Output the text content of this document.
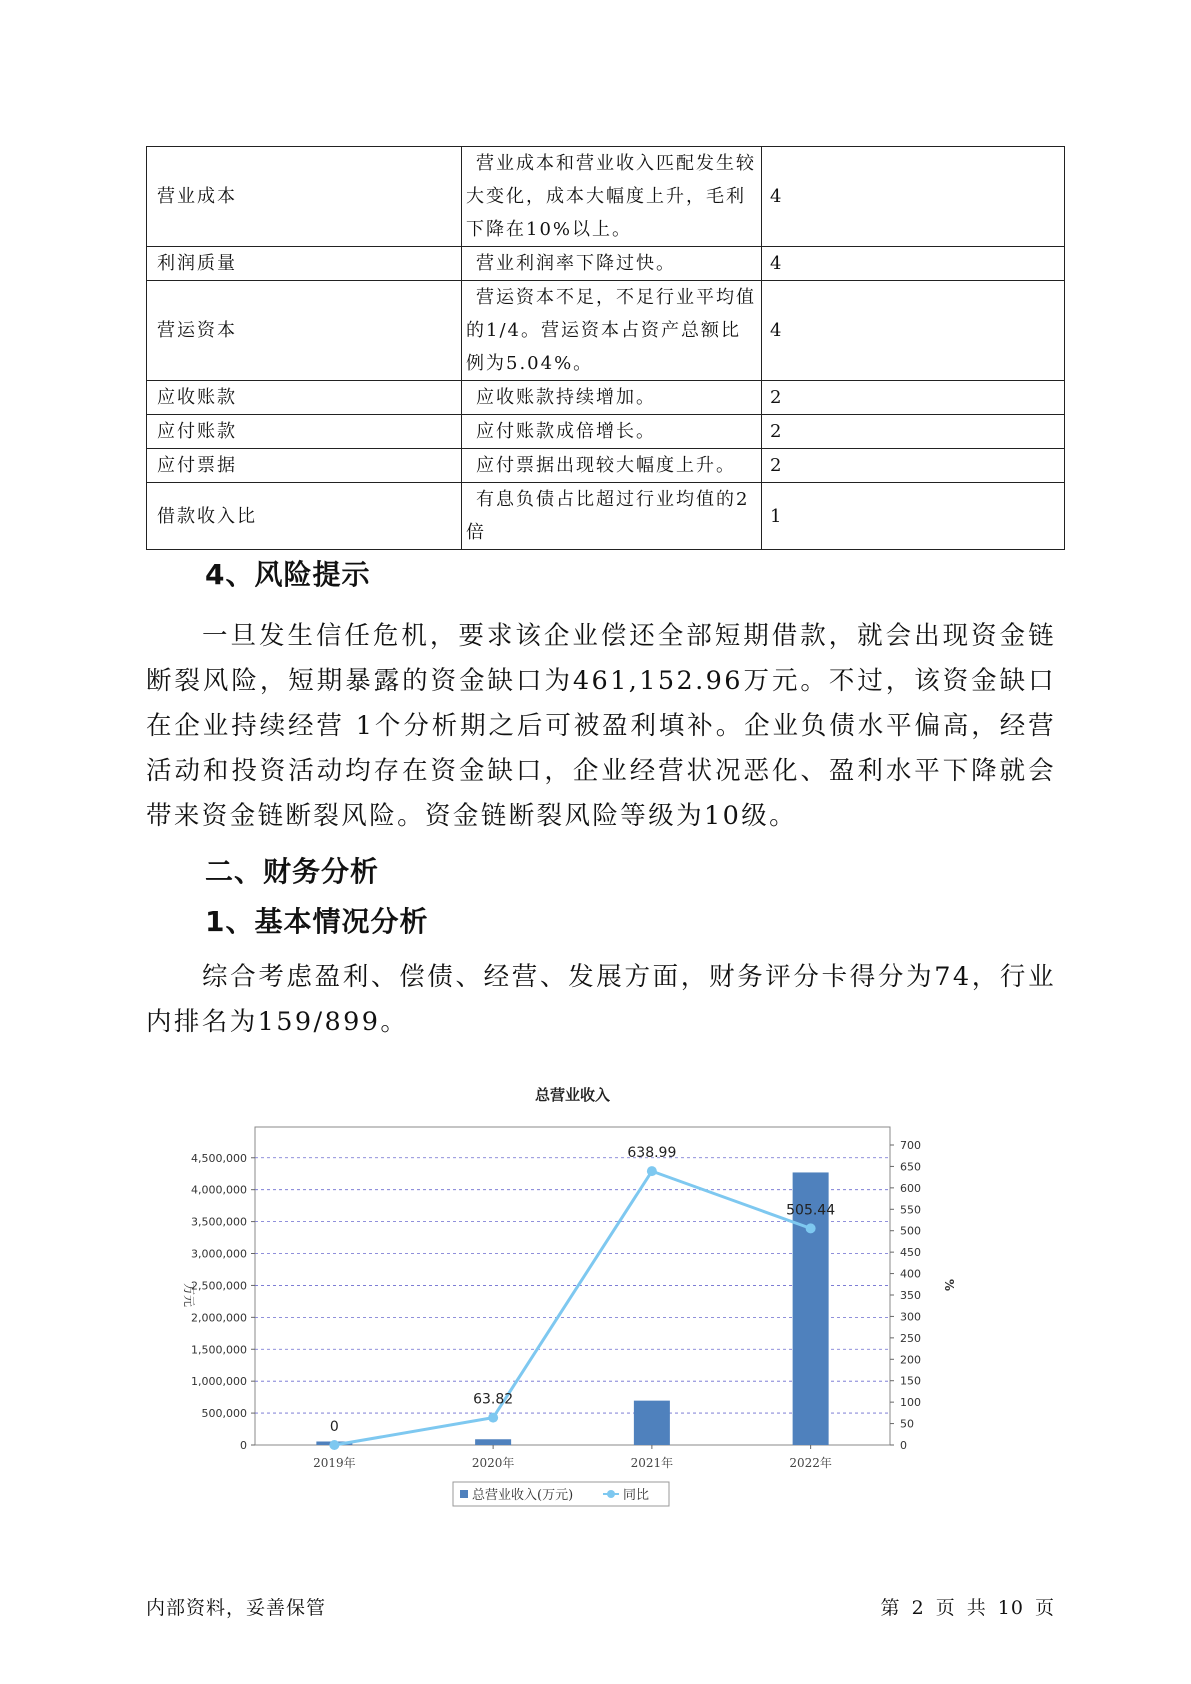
营业成本	营业成本和营业收入匹配发生较大变化，成本大幅度上升，毛利下降在10%以上。	4
利润质量	营业利润率下降过快。	4
营运资本	营运资本不足，不足行业平均值的1/4。营运资本占资产总额比例为5.04%。	4
应收账款	应收账款持续增加。	2
应付账款	应付账款成倍增长。	2
应付票据	应付票据出现较大幅度上升。	2
借款收入比	有息负债占比超过行业均值的2倍	1
4、风险提示
一旦发生信任危机，要求该企业偿还全部短期借款，就会出现资金链断裂风险，短期暴露的资金缺口为461,152.96万元。不过，该资金缺口在企业持续经营 1个分析期之后可被盈利填补。企业负债水平偏高，经营活动和投资活动均存在资金缺口，企业经营状况恶化、盈利水平下降就会带来资金链断裂风险。资金链断裂风险等级为10级。
二、财务分析
1、基本情况分析
综合考虑盈利、偿债、经营、发展方面，财务评分卡得分为74，行业内排名为159/899。
总营业收入
0
500,000
1,000,000
1,500,000
2,000,000
2,500,000
3,000,000
3,500,000
4,000,000
4,500,000
0
50
100
150
200
250
300
350
400
450
500
550
600
650
700
万元	%
2019年	2020年	2021年	2022年
0
63.82
638.99
505.44
总营业收入(万元)	同比
内部资料，妥善保管	第 2 页 共 10 页
